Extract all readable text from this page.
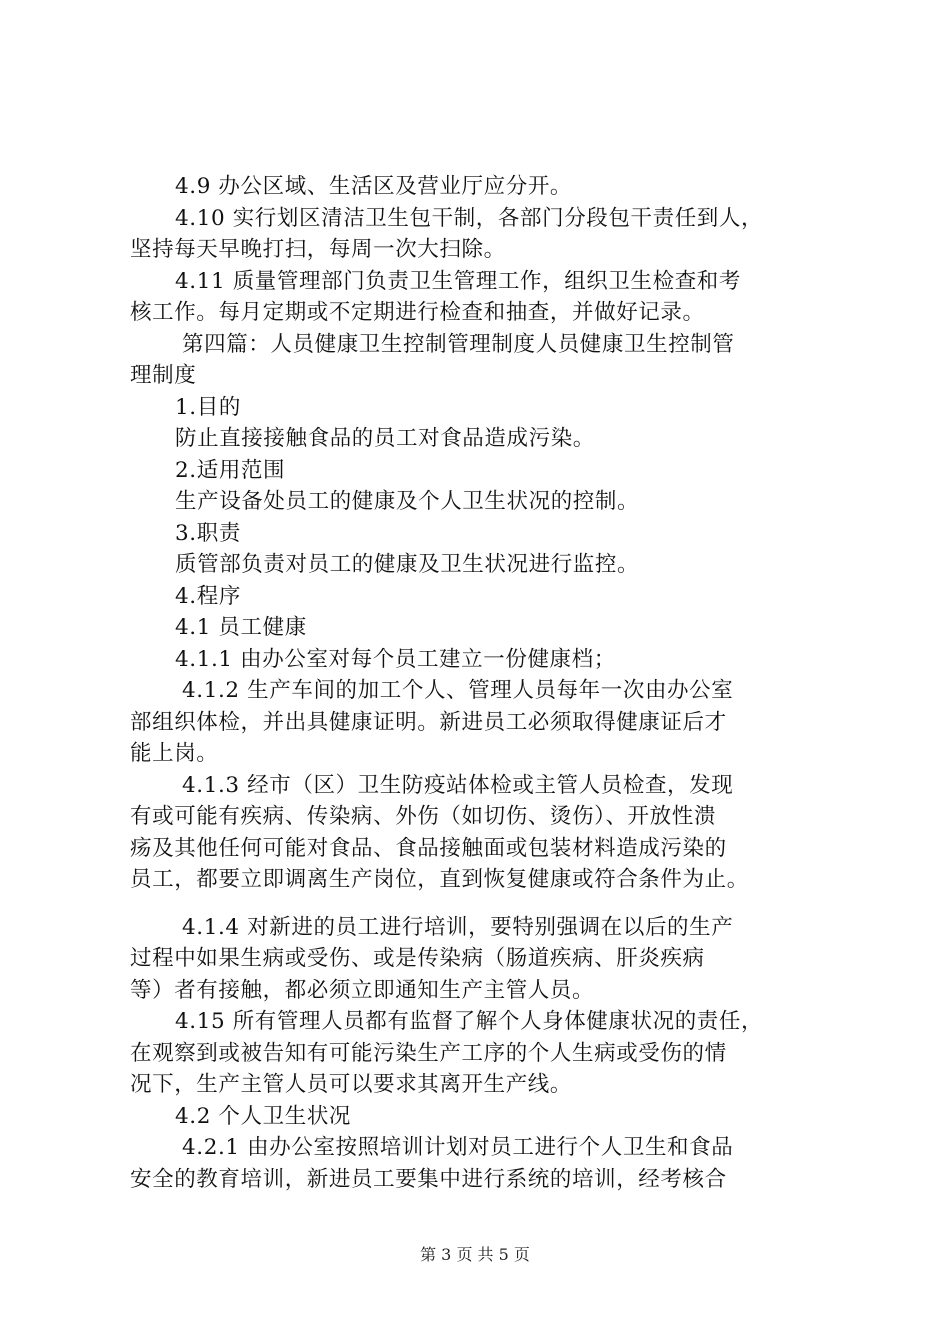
4.9 办公区域、生活区及营业厅应分开。
4.10 实行划区清洁卫生包干制，各部门分段包干责任到人，
坚持每天早晚打扫，每周一次大扫除。
4.11 质量管理部门负责卫生管理工作，组织卫生检查和考
核工作。每月定期或不定期进行检查和抽查，并做好记录。
第四篇：人员健康卫生控制管理制度人员健康卫生控制管
理制度
1.目的
防止直接接触食品的员工对食品造成污染。
2.适用范围
生产设备处员工的健康及个人卫生状况的控制。
3.职责
质管部负责对员工的健康及卫生状况进行监控。
4.程序
4.1 员工健康
4.1.1 由办公室对每个员工建立一份健康档；
4.1.2 生产车间的加工个人、管理人员每年一次由办公室
部组织体检，并出具健康证明。新进员工必须取得健康证后才
能上岗。
4.1.3 经市（区）卫生防疫站体检或主管人员检查，发现
有或可能有疾病、传染病、外伤（如切伤、烫伤）、开放性溃
疡及其他任何可能对食品、食品接触面或包装材料造成污染的
员工，都要立即调离生产岗位，直到恢复健康或符合条件为止。
4.1.4 对新进的员工进行培训，要特别强调在以后的生产
过程中如果生病或受伤、或是传染病（肠道疾病、肝炎疾病
等）者有接触，都必须立即通知生产主管人员。
4.15 所有管理人员都有监督了解个人身体健康状况的责任，
在观察到或被告知有可能污染生产工序的个人生病或受伤的情
况下，生产主管人员可以要求其离开生产线。
4.2 个人卫生状况
4.2.1 由办公室按照培训计划对员工进行个人卫生和食品
安全的教育培训，新进员工要集中进行系统的培训，经考核合
第 3 页 共 5 页
